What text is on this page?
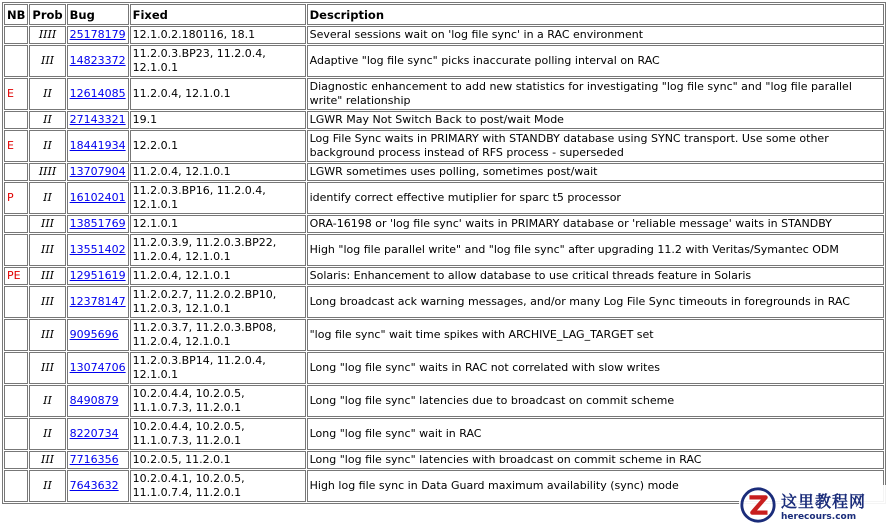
NB	Prob	Bug	Fixed	Description
	IIII	25178179	12.1.0.2.180116, 18.1	Several sessions wait on 'log file sync' in a RAC environment
	III	14823372	11.2.0.3.BP23, 11.2.0.4, 12.1.0.1	Adaptive "log file sync" picks inaccurate polling interval on RAC
E	II	12614085	11.2.0.4, 12.1.0.1	Diagnostic enhancement to add new statistics for investigating "log file sync" and "log file parallel write" relationship
	II	27143321	19.1	LGWR May Not Switch Back to post/wait Mode
E	II	18441934	12.2.0.1	Log File Sync waits in PRIMARY with STANDBY database using SYNC transport. Use some other background process instead of RFS process - superseded
	IIII	13707904	11.2.0.4, 12.1.0.1	LGWR sometimes uses polling, sometimes post/wait
P	II	16102401	11.2.0.3.BP16, 11.2.0.4, 12.1.0.1	identify correct effective mutiplier for sparc t5 processor
	III	13851769	12.1.0.1	ORA-16198 or 'log file sync' waits in PRIMARY database or 'reliable message' waits in STANDBY
	III	13551402	11.2.0.3.9, 11.2.0.3.BP22, 11.2.0.4, 12.1.0.1	High "log file parallel write" and "log file sync" after upgrading 11.2 with Veritas/Symantec ODM
PE	III	12951619	11.2.0.4, 12.1.0.1	Solaris: Enhancement to allow database to use critical threads feature in Solaris
	III	12378147	11.2.0.2.7, 11.2.0.2.BP10, 11.2.0.3, 12.1.0.1	Long broadcast ack warning messages, and/or many Log File Sync timeouts in foregrounds in RAC
	III	9095696	11.2.0.3.7, 11.2.0.3.BP08, 11.2.0.4, 12.1.0.1	"log file sync" wait time spikes with ARCHIVE_LAG_TARGET set
	III	13074706	11.2.0.3.BP14, 11.2.0.4, 12.1.0.1	Long "log file sync" waits in RAC not correlated with slow writes
	II	8490879	10.2.0.4.4, 10.2.0.5, 11.1.0.7.3, 11.2.0.1	Long "log file sync" latencies due to broadcast on commit scheme
	II	8220734	10.2.0.4.4, 10.2.0.5, 11.1.0.7.3, 11.2.0.1	Long "log file sync" wait in RAC
	III	7716356	10.2.0.5, 11.2.0.1	Long "log file sync" latencies with broadcast on commit scheme in RAC
	II	7643632	10.2.0.4.1, 10.2.0.5, 11.1.0.7.4, 11.2.0.1	High log file sync in Data Guard maximum availability (sync) mode
这里教程网
herecours.com
